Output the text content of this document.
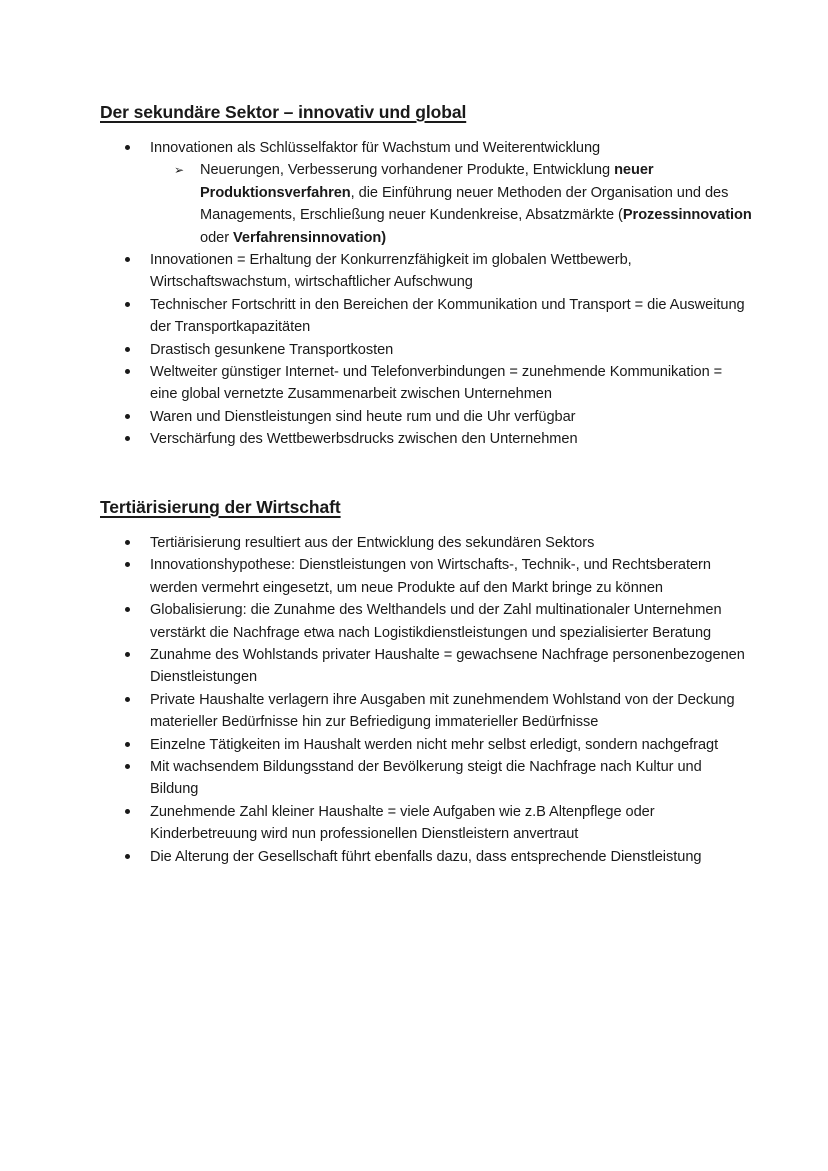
Der sekundäre Sektor – innovativ und global
Innovationen als Schlüsselfaktor für Wachstum und Weiterentwicklung
➢ Neuerungen, Verbesserung vorhandener Produkte, Entwicklung neuer Produktionsverfahren, die Einführung neuer Methoden der Organisation und des Managements, Erschließung neuer Kundenkreise, Absatzmärkte (Prozessinnovation oder Verfahrensinnovation)
Innovationen = Erhaltung der Konkurrenzfähigkeit im globalen Wettbewerb, Wirtschaftswachstum, wirtschaftlicher Aufschwung
Technischer Fortschritt in den Bereichen der Kommunikation und Transport = die Ausweitung der Transportkapazitäten
Drastisch gesunkene Transportkosten
Weltweiter günstiger Internet- und Telefonverbindungen = zunehmende Kommunikation = eine global vernetzte Zusammenarbeit zwischen Unternehmen
Waren und Dienstleistungen sind heute rum und die Uhr verfügbar
Verschärfung des Wettbewerbsdrucks zwischen den Unternehmen
Tertiärisierung der Wirtschaft
Tertiärisierung resultiert aus der Entwicklung des sekundären Sektors
Innovationshypothese: Dienstleistungen von Wirtschafts-, Technik-, und Rechtsberatern werden vermehrt eingesetzt, um neue Produkte auf den Markt bringe zu können
Globalisierung: die Zunahme des Welthandels und der Zahl multinationaler Unternehmen verstärkt die Nachfrage etwa nach Logistikdienstleistungen und spezialisierter Beratung
Zunahme des Wohlstands privater Haushalte = gewachsene Nachfrage personenbezogenen Dienstleistungen
Private Haushalte verlagern ihre Ausgaben mit zunehmendem Wohlstand von der Deckung materieller Bedürfnisse hin zur Befriedigung immaterieller Bedürfnisse
Einzelne Tätigkeiten im Haushalt werden nicht mehr selbst erledigt, sondern nachgefragt
Mit wachsendem Bildungsstand der Bevölkerung steigt die Nachfrage nach Kultur und Bildung
Zunehmende Zahl kleiner Haushalte = viele Aufgaben wie z.B Altenpflege oder Kinderbetreuung wird nun professionellen Dienstleistern anvertraut
Die Alterung der Gesellschaft führt ebenfalls dazu, dass entsprechende Dienstleistung
